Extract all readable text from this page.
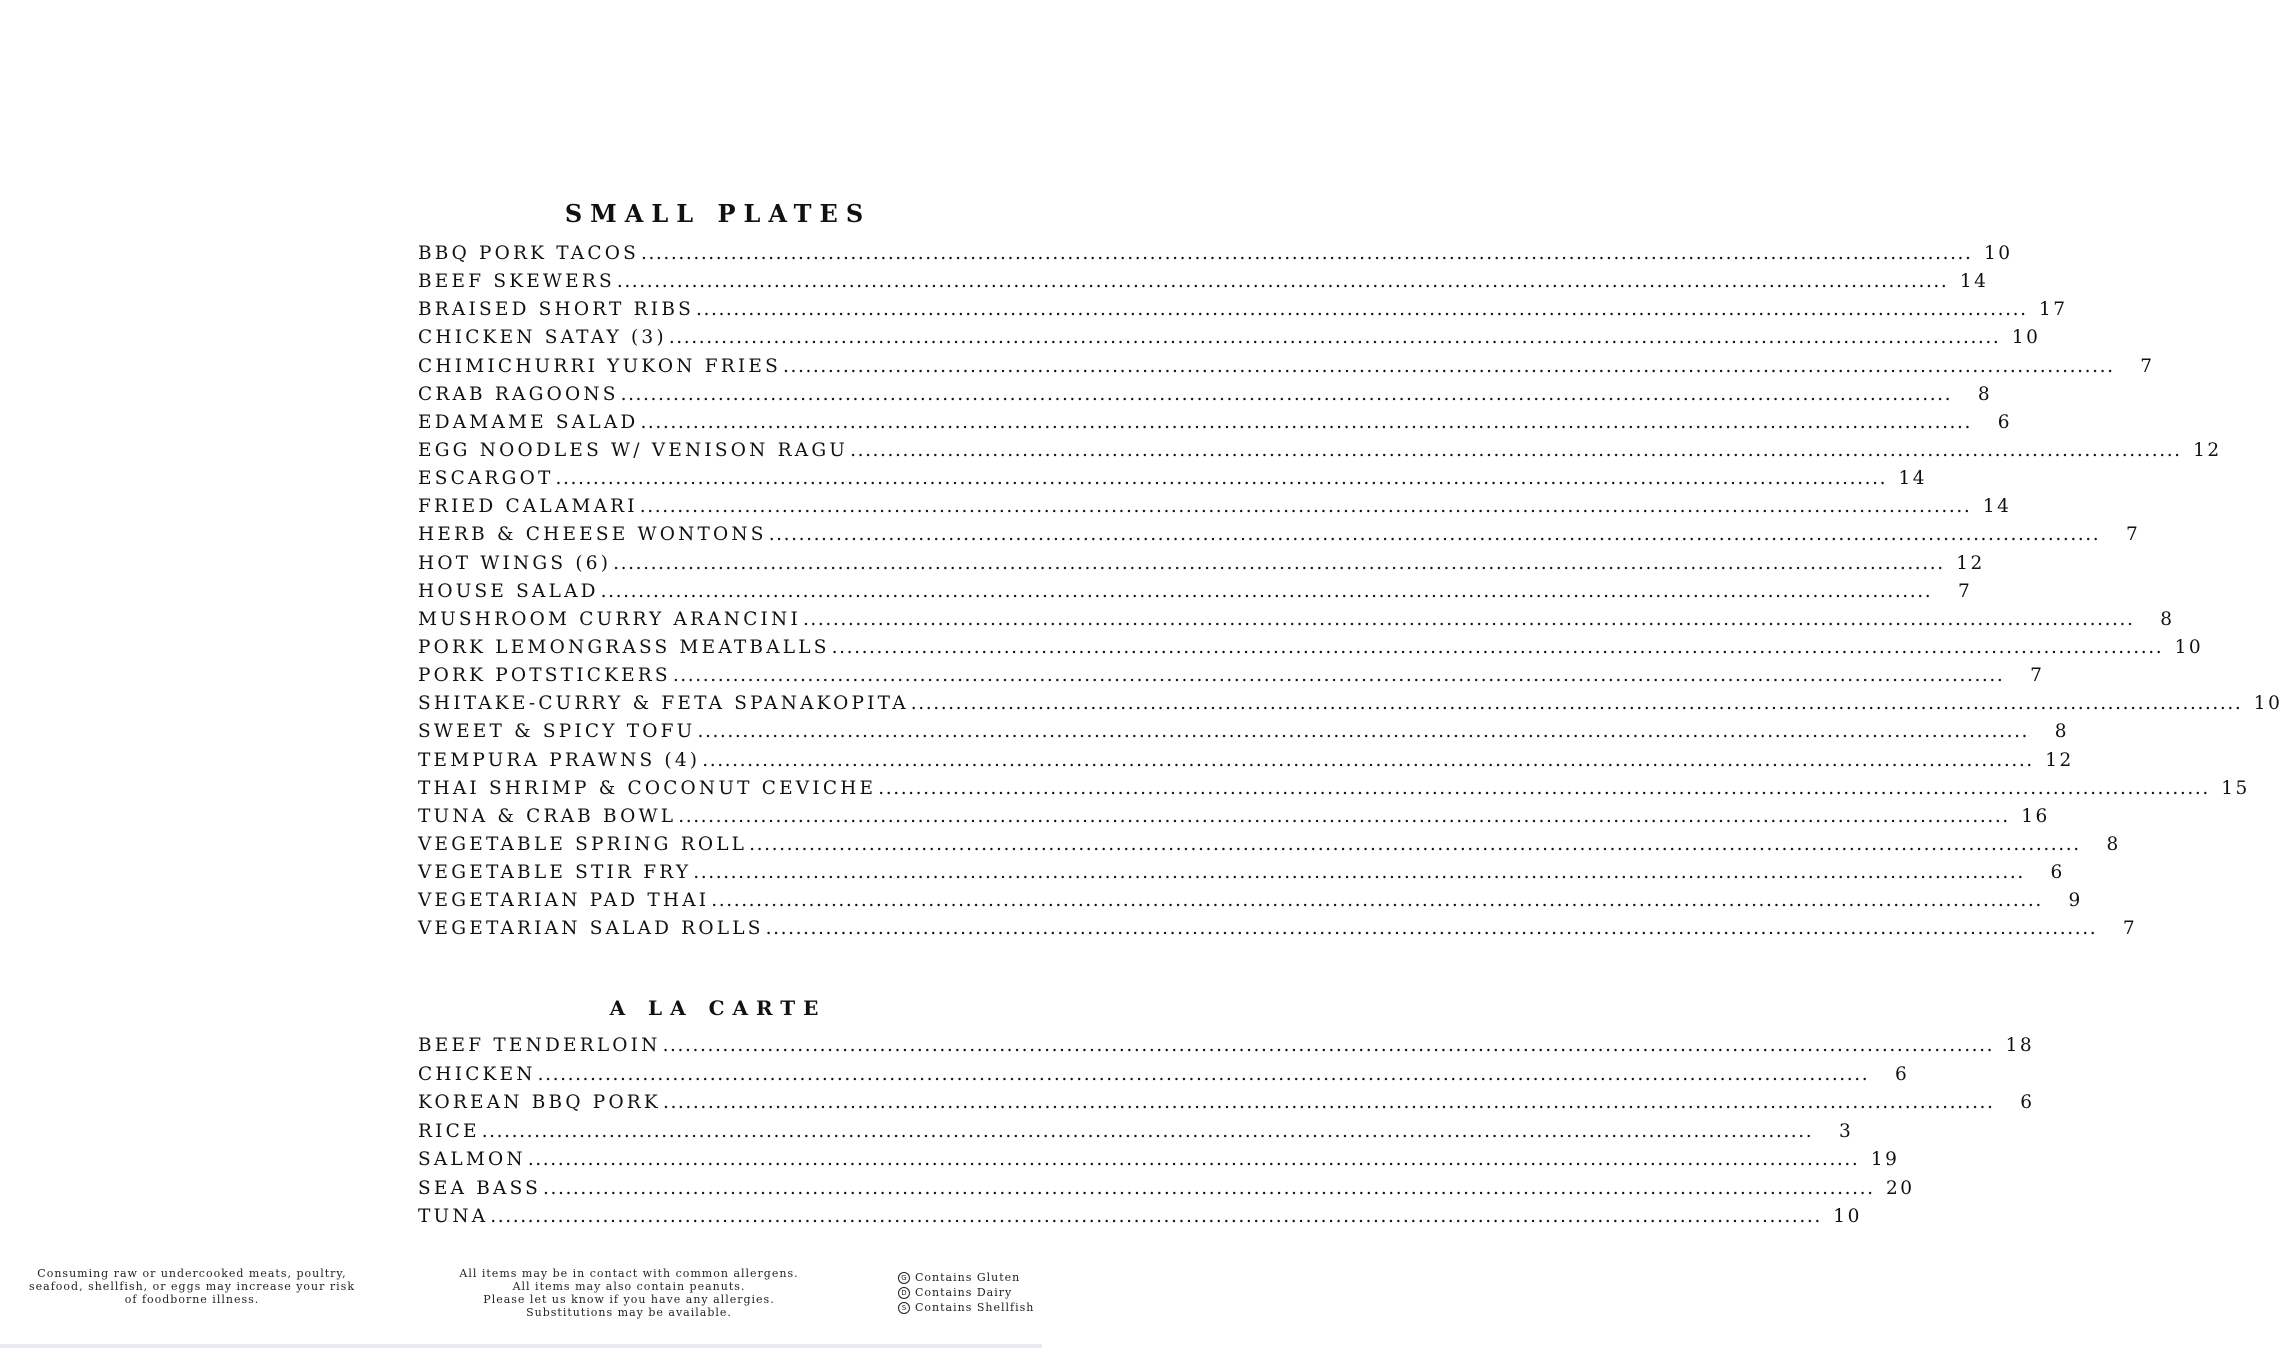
SMALL PLATES
BBQ PORK TACOS .....	10
BEEF SKEWERS .....	14
BRAISED SHORT RIBS .....	17
CHICKEN SATAY (3) .....	10
CHIMICHURRI YUKON FRIES .....	7
CRAB RAGOONS .....	8
EDAMAME SALAD .....	6
EGG NOODLES W/ VENISON RAGU .....	12
ESCARGOT .....	14
FRIED CALAMARI .....	14
HERB & CHEESE WONTONS .....	7
HOT WINGS (6) .....	12
HOUSE SALAD .....	7
MUSHROOM CURRY ARANCINI .....	8
PORK LEMONGRASS MEATBALLS .....	10
PORK POTSTICKERS .....	7
SHITAKE-CURRY & FETA SPANAKOPITA .....	10
SWEET & SPICY TOFU .....	8
TEMPURA PRAWNS (4) .....	12
THAI SHRIMP & COCONUT CEVICHE .....	15
TUNA & CRAB BOWL .....	16
VEGETABLE SPRING ROLL .....	8
VEGETABLE STIR FRY .....	6
VEGETARIAN PAD THAI .....	9
VEGETARIAN SALAD ROLLS .....	7
A LA CARTE
BEEF TENDERLOIN .....	18
CHICKEN .....	6
KOREAN BBQ PORK .....	6
RICE .....	3
SALMON .....	19
SEA BASS .....	20
TUNA .....	10
Consuming raw or undercooked meats, poultry,
seafood, shellfish, or eggs may increase your risk
of foodborne illness.
All items may be in contact with common allergens.
All items may also contain peanuts.
Please let us know if you have any allergies.
Substitutions may be available.
G Contains Gluten
D Contains Dairy
S Contains Shellfish
